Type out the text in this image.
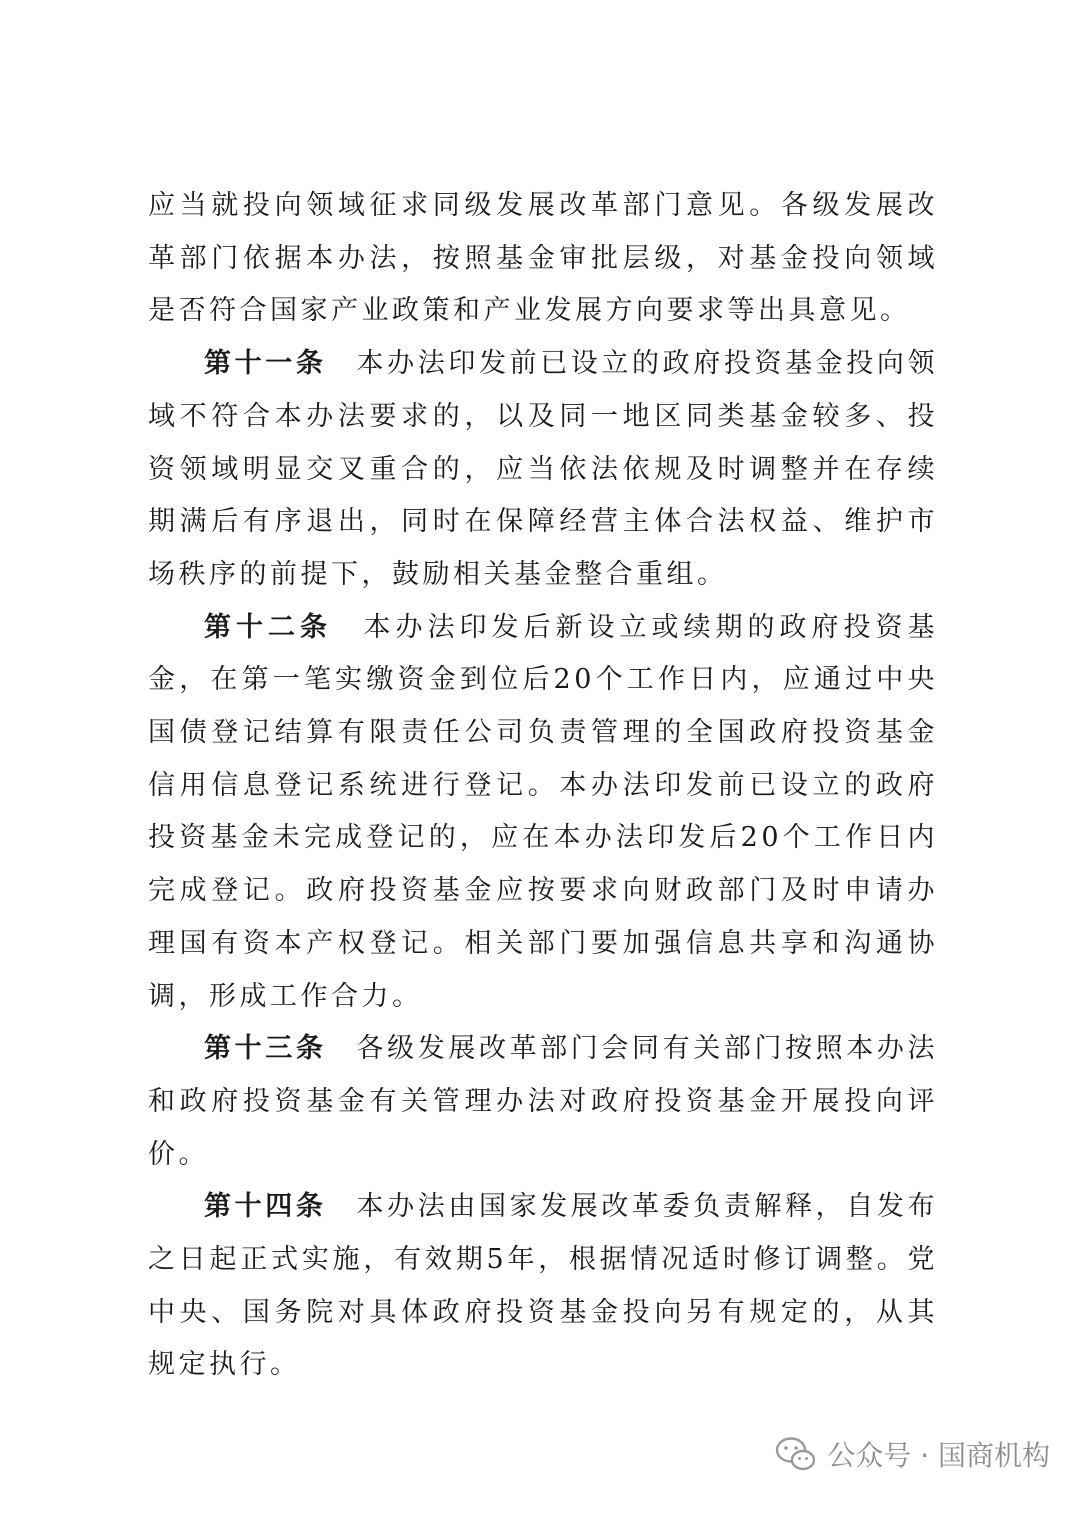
应当就投向领域征求同级发展改革部门意见。各级发展改革部门依据本办法，按照基金审批层级，对基金投向领域是否符合国家产业政策和产业发展方向要求等出具意见。

第十一条 本办法印发前已设立的政府投资基金投向领域不符合本办法要求的，以及同一地区同类基金较多、投资领域明显交叉重合的，应当依法依规及时调整并在存续期满后有序退出，同时在保障经营主体合法权益、维护市场秩序的前提下，鼓励相关基金整合重组。

第十二条 本办法印发后新设立或续期的政府投资基金，在第一笔实缴资金到位后20个工作日内，应通过中央国债登记结算有限责任公司负责管理的全国政府投资基金信用信息登记系统进行登记。本办法印发前已设立的政府投资基金未完成登记的，应在本办法印发后20个工作日内完成登记。政府投资基金应按要求向财政部门及时申请办理国有资本产权登记。相关部门要加强信息共享和沟通协调，形成工作合力。

第十三条 各级发展改革部门会同有关部门按照本办法和政府投资基金有关管理办法对政府投资基金开展投向评价。

第十四条 本办法由国家发展改革委负责解释，自发布之日起正式实施，有效期5年，根据情况适时修订调整。党中央、国务院对具体政府投资基金投向另有规定的，从其规定执行。

公众号 · 国商机构
